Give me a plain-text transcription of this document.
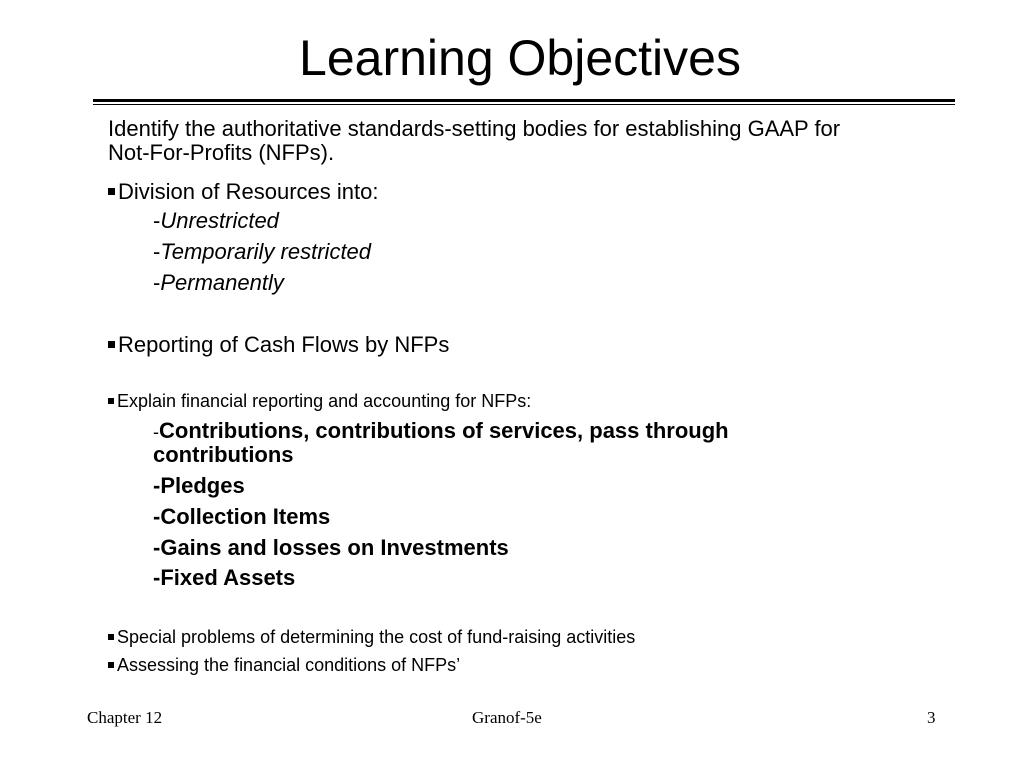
Learning Objectives
Identify the authoritative standards-setting bodies for establishing GAAP for
Not-For-Profits (NFPs).
Division of Resources into:
-Unrestricted
-Temporarily restricted
-Permanently
Reporting of Cash Flows by NFPs
Explain financial reporting and accounting for NFPs:
-Contributions, contributions of services, pass through
contributions
-Pledges
-Collection Items
-Gains and losses on Investments
-Fixed Assets
Special problems of determining the cost of fund-raising activities
Assessing the financial conditions of NFPs’
Chapter 12	Granof-5e	3
